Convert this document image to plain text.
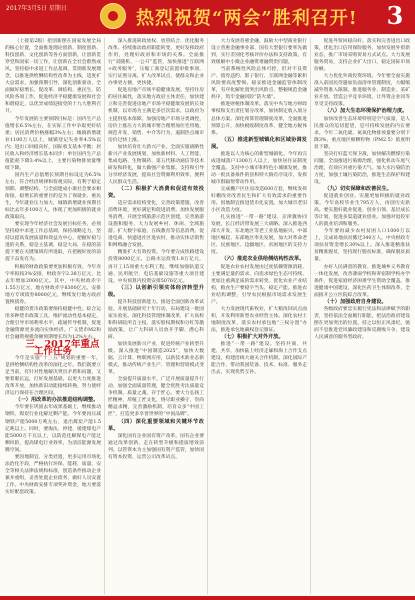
2017年3月5日 星期日	热烈祝贺“两会”胜利召开! 3

（上接第2版）把创新摆在国家发展全局的核心位置，全面推进理论创新、制度创新、科技创新、文化创新等各方面创新，让创新贯穿党和国家一切工作，让创新在全社会蔚然成风。坚持稳中求进工作总基调，贯彻新发展理念，以推进供给侧结构性改革为主线，适度扩大总需求，加强预期引导，深化创新驱动，全面做好稳增长、促改革、调结构、惠民生、防风险各项工作，促进经济平稳健康发展和社会和谐稳定，以优异成绩迎接党的十九大胜利召开。

今年发展的主要预期目标是：国内生产总值增长6.5%左右，在实际工作中争取更好结果；居民消费价格涨幅3%左右；城镇新增就业1100万人以上，城镇登记失业率4.5%以内；进出口回稳向好，国际收支基本平衡；居民收入和经济增长基本同步；单位国内生产总值能耗下降3.4%以上，主要污染物排放量继续下降。

国内生产总值增长预期目标设定为6.5%左右，符合经济规律和客观实际，有利于稳定预期、调整结构，与全面建成小康社会要求相衔接。稳增长的重要目的是为了保就业、惠民生，今年就业压力加大，城镇新增就业预期目标比去年多100万人，体现了更加积极的就业政策取向。

要实现今年经济社会发展目标任务，必须坚持稳中求进工作总基调，保持战略定力，坚持以提高发展质量和效益为中心，把握好稳与进的关系，稳是主基调，稳是大局，在稳的前提下要在关键领域有所进取，在把握好度的前提下奋发有为。

积极的财政政策要更加积极有效。今年赤字率拟按3%安排，财政赤字2.38万亿元，比去年增加2000亿元。其中，中央财政赤字1.55万亿元，地方财政赤字8300亿元。安排地方专项债券8000亿元，继续发行地方政府置换债券。

稳健的货币政策要保持稳健中性。综合运用多种货币政策工具，维护流动性基本稳定，合理引导市场利率水平，疏通传导机制，促进金融资源更多流向实体经济。广义货币M2和社会融资规模余额预期增长均为12%左右。

三、2017年重点工作任务

今年是实施“十三五”规划的重要一年，是供给侧结构性改革的深化之年。我们既要立足当前，有针对性地解决突出矛盾和问题，又要着眼长远，打好发展基础，以更大力度推进改革开放，加快新旧动能接续转换，努力使经济运行保持在合理区间。

（一）用改革的办法推进结构调整。

今年要在巩固去年成果基础上，继续推动钢铁、煤炭行业化解过剩产能。今年要再压减钢铁产能5000万吨左右，退出煤炭产能1.5亿吨以上。同时，要淘汰、停建、缓建煤电产能5000万千瓦以上，以防范化解煤电产能过剩风险，提高煤电行业效率，为清洁能源发展腾空间。

要因地制宜、分类处置，更多运用市场化法治化手段，严格执行环保、能耗、质量、安全等相关法律法规和标准，创造条件推动企业兼并重组，妥善处置企业债务，做好人员安置工作。中央财政安排专项奖补资金，地方要落实好配套政策。

深入推进简政放权、放管结合、优化服务改革。持续推动政府职能转变，更好发挥政府作用，处理好政府和市场的关系。全面推行“双随机、一公开”监管，加快推进“互联网+政务服务”，压缩工商登记前置审批事项，实行证照分离，扩大改革试点，使群众和企业办事更方便、更快捷。

促进房地产市场平稳健康发展。坚持住房的居住属性，落实地方政府主体责任，加快建立和完善促进房地产市场平稳健康发展的长效机制，以市场为主满足多层次需求，以政府为主提供基本保障。加强房地产市场分类调控，房价上涨压力大的城市要合理增加住宅用地，规范开发、销售、中介等行为，遏制热点城市房价过快上涨。

加快培育壮大新兴产业。全面实施战略性新兴产业发展规划，加快新材料、人工智能、集成电路、生物制药、第五代移动通信等技术研发和转化，做大做强产业集群。支持和引导分享经济发展，提高社会资源利用效率，便利人民群众生活。

（二）积极扩大消费和促进有效投资。

适应需求结构变化，完善政策措施，改善消费环境，更好满足和促进消费。加快发展服务消费，开展全域旅游示范区创建，完善旅游设施和服务，大力发展乡村、休闲、全域旅游。扩大数字家庭、在线教育等信息消费。促进电商、快递进社区进农村，推动实体店销售和网购融合发展。

精准扩大有效投资。今年要完成铁路建设投资8000亿元、公路水运投资1.8万亿元，再开工15项重大水利工程，继续加强轨道交通、民用航空、电信基础设施等重大项目建设。中央预算内投资安排5076亿元。

（三）以创新引领实体经济转型升级。

提升科技创新能力。推进全面创新改革试验。开展基础研究十年行动，布局建设一批国家实验室。深化科技管理体制改革，扩大高校和科研院所自主权，落实股权期权和分红等激励政策，让广大科研人员放开手脚、潜心科研。

加快发展新兴产业，促进传统产业转型升级。深入推进“中国制造2025”，加快大数据、云计算、物联网应用，以新技术新业态新模式，推动传统产业生产、管理和营销模式变革。

全面提升质量水平。广泛开展质量提升行动，加强全面质量管理，健全优胜劣汰质量竞争机制。质量之魂，存于匠心。要大力弘扬工匠精神，厚植工匠文化，恪尽职业操守，崇尚精益求精，完善激励机制，培育众多“中国工匠”，打造更多享誉世界的“中国品牌”。

（四）深化重要领域和关键环节改革。

深化国有企业国有资产改革。国有企业要通过改革创新，走在转型升级和提质增效前列。以管资本为主加强国有资产监管，加快国有资本投资、运营公司改革试点。

大力发展普惠金融，鼓励大中型商业银行设立普惠金融事业部，国有大型银行要率先做到，实行差别化考核评价办法和支持政策，有效缓解中小微企业融资难融资贵问题。

当前系统性风险总体可控，但对不良资产、债券违约、影子银行、互联网金融等累积风险要高度警惕。稳妥推进金融监管体制改革，有序化解处置突出风险点，整顿规范金融秩序，筑牢金融风险“防火墙”。

推进财税体制改革。落实中央与地方财政事权和支出责任划分改革，加快制定收入划分总体方案。深化预算管理制度改革，全面推进预算公开，加快税收制度改革，健全地方税体系。

（五）推进新型城镇化和区域协调发展。

推进以人为核心的新型城镇化。今年再完成进城落户1300万人以上，加快居住证制度全覆盖。支持中小城市和特色小城镇发展，推动一批具备条件的县和特大镇有序设市，发挥城市群辐射带动作用。

完成棚户区住房改造600万套，继续发挥好棚改对改善民生和扩大有效需求的重要作用。因地制宜推进货币化安置。加大城市老旧小区改造力度。

扎实推进“一带一路”建设、京津冀协同发展、长江经济带发展三大战略。深入推进西部大开发、东北地区等老工业基地振兴、中部地区崛起、东部地区率先发展，加大对革命老区、民族地区、边疆地区、贫困地区的支持力度。

（六）推进农业供给侧结构性改革。

促进农业农村发展由过度依赖资源消耗、主要满足量的需求，向追求绿色生态可持续、更加注重满足质的需求转变。优化农业产业结构，粮食生产要稳字当头，稳定产能。推进农业结构调整，引导农民根据市场需求发展生产。

大力发展现代畜牧业，扩大粮改饲试点面积，开发利用新型农业经营主体。深化农村土地制度改革，落实农村承包地“三权分置”办法，推进承包地确权登记颁证。

（七）积极扩大对外开放。

推进“一带一路”建设。坚持共商、共建、共享，加快陆上经济走廊和海上合作支点建设，构建沿线大通关合作机制。深化国际产能合作，带动我国装备、技术、标准、服务走出去，实现优势互补。

促进外贸回稳向好。落实和完善进出口政策，优化出口信用保险服务，加快发展外贸新业态，推广市场采购贸易方式试点。大力发展服务贸易，支持企业扩大出口，稳定国际市场份额。

大力优化外商投资环境。今年要全面实施准入前国民待遇加负面清单管理制度，大幅缩减外资准入限制。推进服务业、制造业、采矿业开放。营造公平竞争环境，让外资企业同等享受支持政策。

（八）加大生态环境保护治理力度。

加快改善生态环境特别是空气质量，是人民群众的迫切愿望，是可持续发展的内在要求。今年二氧化硫、氮氧化物排放量要分别下降3%，重点地区细颗粒物（PM2.5）浓度明显下降。

坚决打好蓝天保卫战，加快解决燃煤污染问题。全面推进污染源治理，强化机动车尾气治理，有效应对重污染天气。加大水污染防治力度，加强土壤污染防治，推进生态保护和建设。

（九）切实保障和改善民生。

促进就业创业。实施更加积极的就业政策。今年高校毕业生795万人，再创历史新高。要实施好就业促进、创业引领、基层成长等计划，促进多渠道就业创业。加强对退役军人的就业培训和服务。

今年要再减少农村贫困人口1000万以上，完成易地扶贫搬迁340万人。中央财政专项扶贫资金增长30%以上。深入推进精准扶贫精准脱贫，坚持现行脱贫标准，确保脱贫质量。

办好人民满意的教育。推进城乡义务教育一体化发展，改善薄弱学校和寄宿制学校办学条件，促进家庭经济困难学生资助全覆盖。推进健康中国建设，深化医药卫生体制改革，全面推开公立医院综合改革。

（十）加强政府自身建设。

各级政府要忠实履行宪法和法律赋予的职责，坚持依法全面履行职能，把法治政府建设摆在更加突出的位置。持之以恒正风肃纪，驰而不息推进党风廉政建设和反腐败斗争，建设人民满意的服务型政府。
